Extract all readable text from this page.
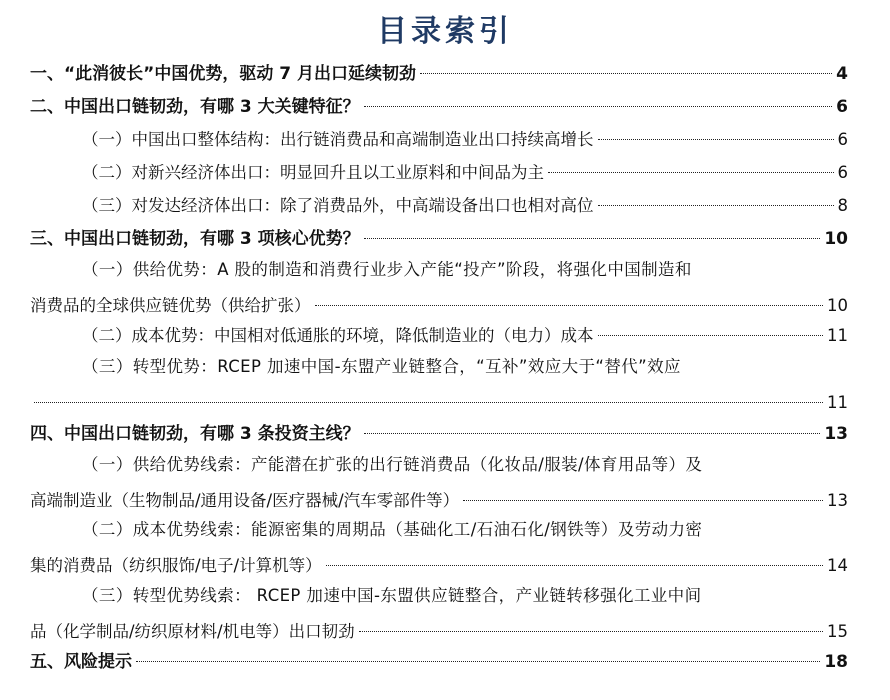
目录索引
一、“此消彼长”中国优势，驱动 7 月出口延续韧劲	4
二、中国出口链韧劲，有哪 3 大关键特征？	6
（一）中国出口整体结构：出行链消费品和高端制造业出口持续高增长	6
（二）对新兴经济体出口：明显回升且以工业原料和中间品为主	6
（三）对发达经济体出口：除了消费品外，中高端设备出口也相对高位	8
三、中国出口链韧劲，有哪 3 项核心优势？	10
（一）供给优势：A 股的制造和消费行业步入产能“投产”阶段，将强化中国制造和
消费品的全球供应链优势（供给扩张）	10
（二）成本优势：中国相对低通胀的环境，降低制造业的（电力）成本	11
（三）转型优势：RCEP 加速中国-东盟产业链整合，“互补”效应大于“替代”效应
11
四、中国出口链韧劲，有哪 3 条投资主线？	13
（一）供给优势线索：产能潜在扩张的出行链消费品（化妆品/服装/体育用品等）及
高端制造业（生物制品/通用设备/医疗器械/汽车零部件等）	13
（二）成本优势线索：能源密集的周期品（基础化工/石油石化/钢铁等）及劳动力密
集的消费品（纺织服饰/电子/计算机等）	14
（三）转型优势线索： RCEP 加速中国-东盟供应链整合，产业链转移强化工业中间
品（化学制品/纺织原材料/机电等）出口韧劲	15
五、风险提示	18
